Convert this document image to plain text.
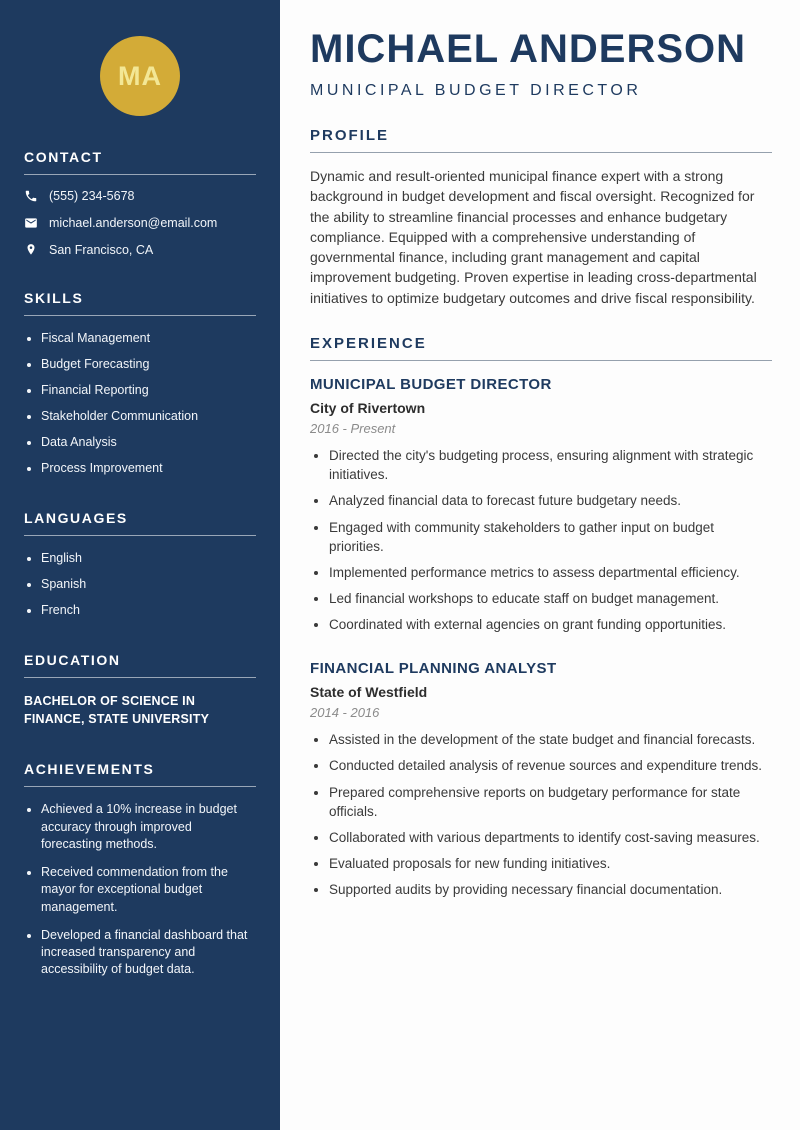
MA
CONTACT
(555) 234-5678
michael.anderson@email.com
San Francisco, CA
SKILLS
• Fiscal Management
• Budget Forecasting
• Financial Reporting
• Stakeholder Communication
• Data Analysis
• Process Improvement
LANGUAGES
• English
• Spanish
• French
EDUCATION
BACHELOR OF SCIENCE IN FINANCE, STATE UNIVERSITY
ACHIEVEMENTS
• Achieved a 10% increase in budget accuracy through improved forecasting methods.
• Received commendation from the mayor for exceptional budget management.
• Developed a financial dashboard that increased transparency and accessibility of budget data.
MICHAEL ANDERSON
MUNICIPAL BUDGET DIRECTOR
PROFILE

Dynamic and result-oriented municipal finance expert with a strong background in budget development and fiscal oversight. Recognized for the ability to streamline financial processes and enhance budgetary compliance. Equipped with a comprehensive understanding of governmental finance, including grant management and capital improvement budgeting. Proven expertise in leading cross-departmental initiatives to optimize budgetary outcomes and drive fiscal responsibility.

EXPERIENCE
MUNICIPAL BUDGET DIRECTOR
City of Rivertown
2016 - Present
• Directed the city's budgeting process, ensuring alignment with strategic initiatives.
• Analyzed financial data to forecast future budgetary needs.
• Engaged with community stakeholders to gather input on budget priorities.
• Implemented performance metrics to assess departmental efficiency.
• Led financial workshops to educate staff on budget management.
• Coordinated with external agencies on grant funding opportunities.
FINANCIAL PLANNING ANALYST
State of Westfield
2014 - 2016
• Assisted in the development of the state budget and financial forecasts.
• Conducted detailed analysis of revenue sources and expenditure trends.
• Prepared comprehensive reports on budgetary performance for state officials.
• Collaborated with various departments to identify cost-saving measures.
• Evaluated proposals for new funding initiatives.
• Supported audits by providing necessary financial documentation.
